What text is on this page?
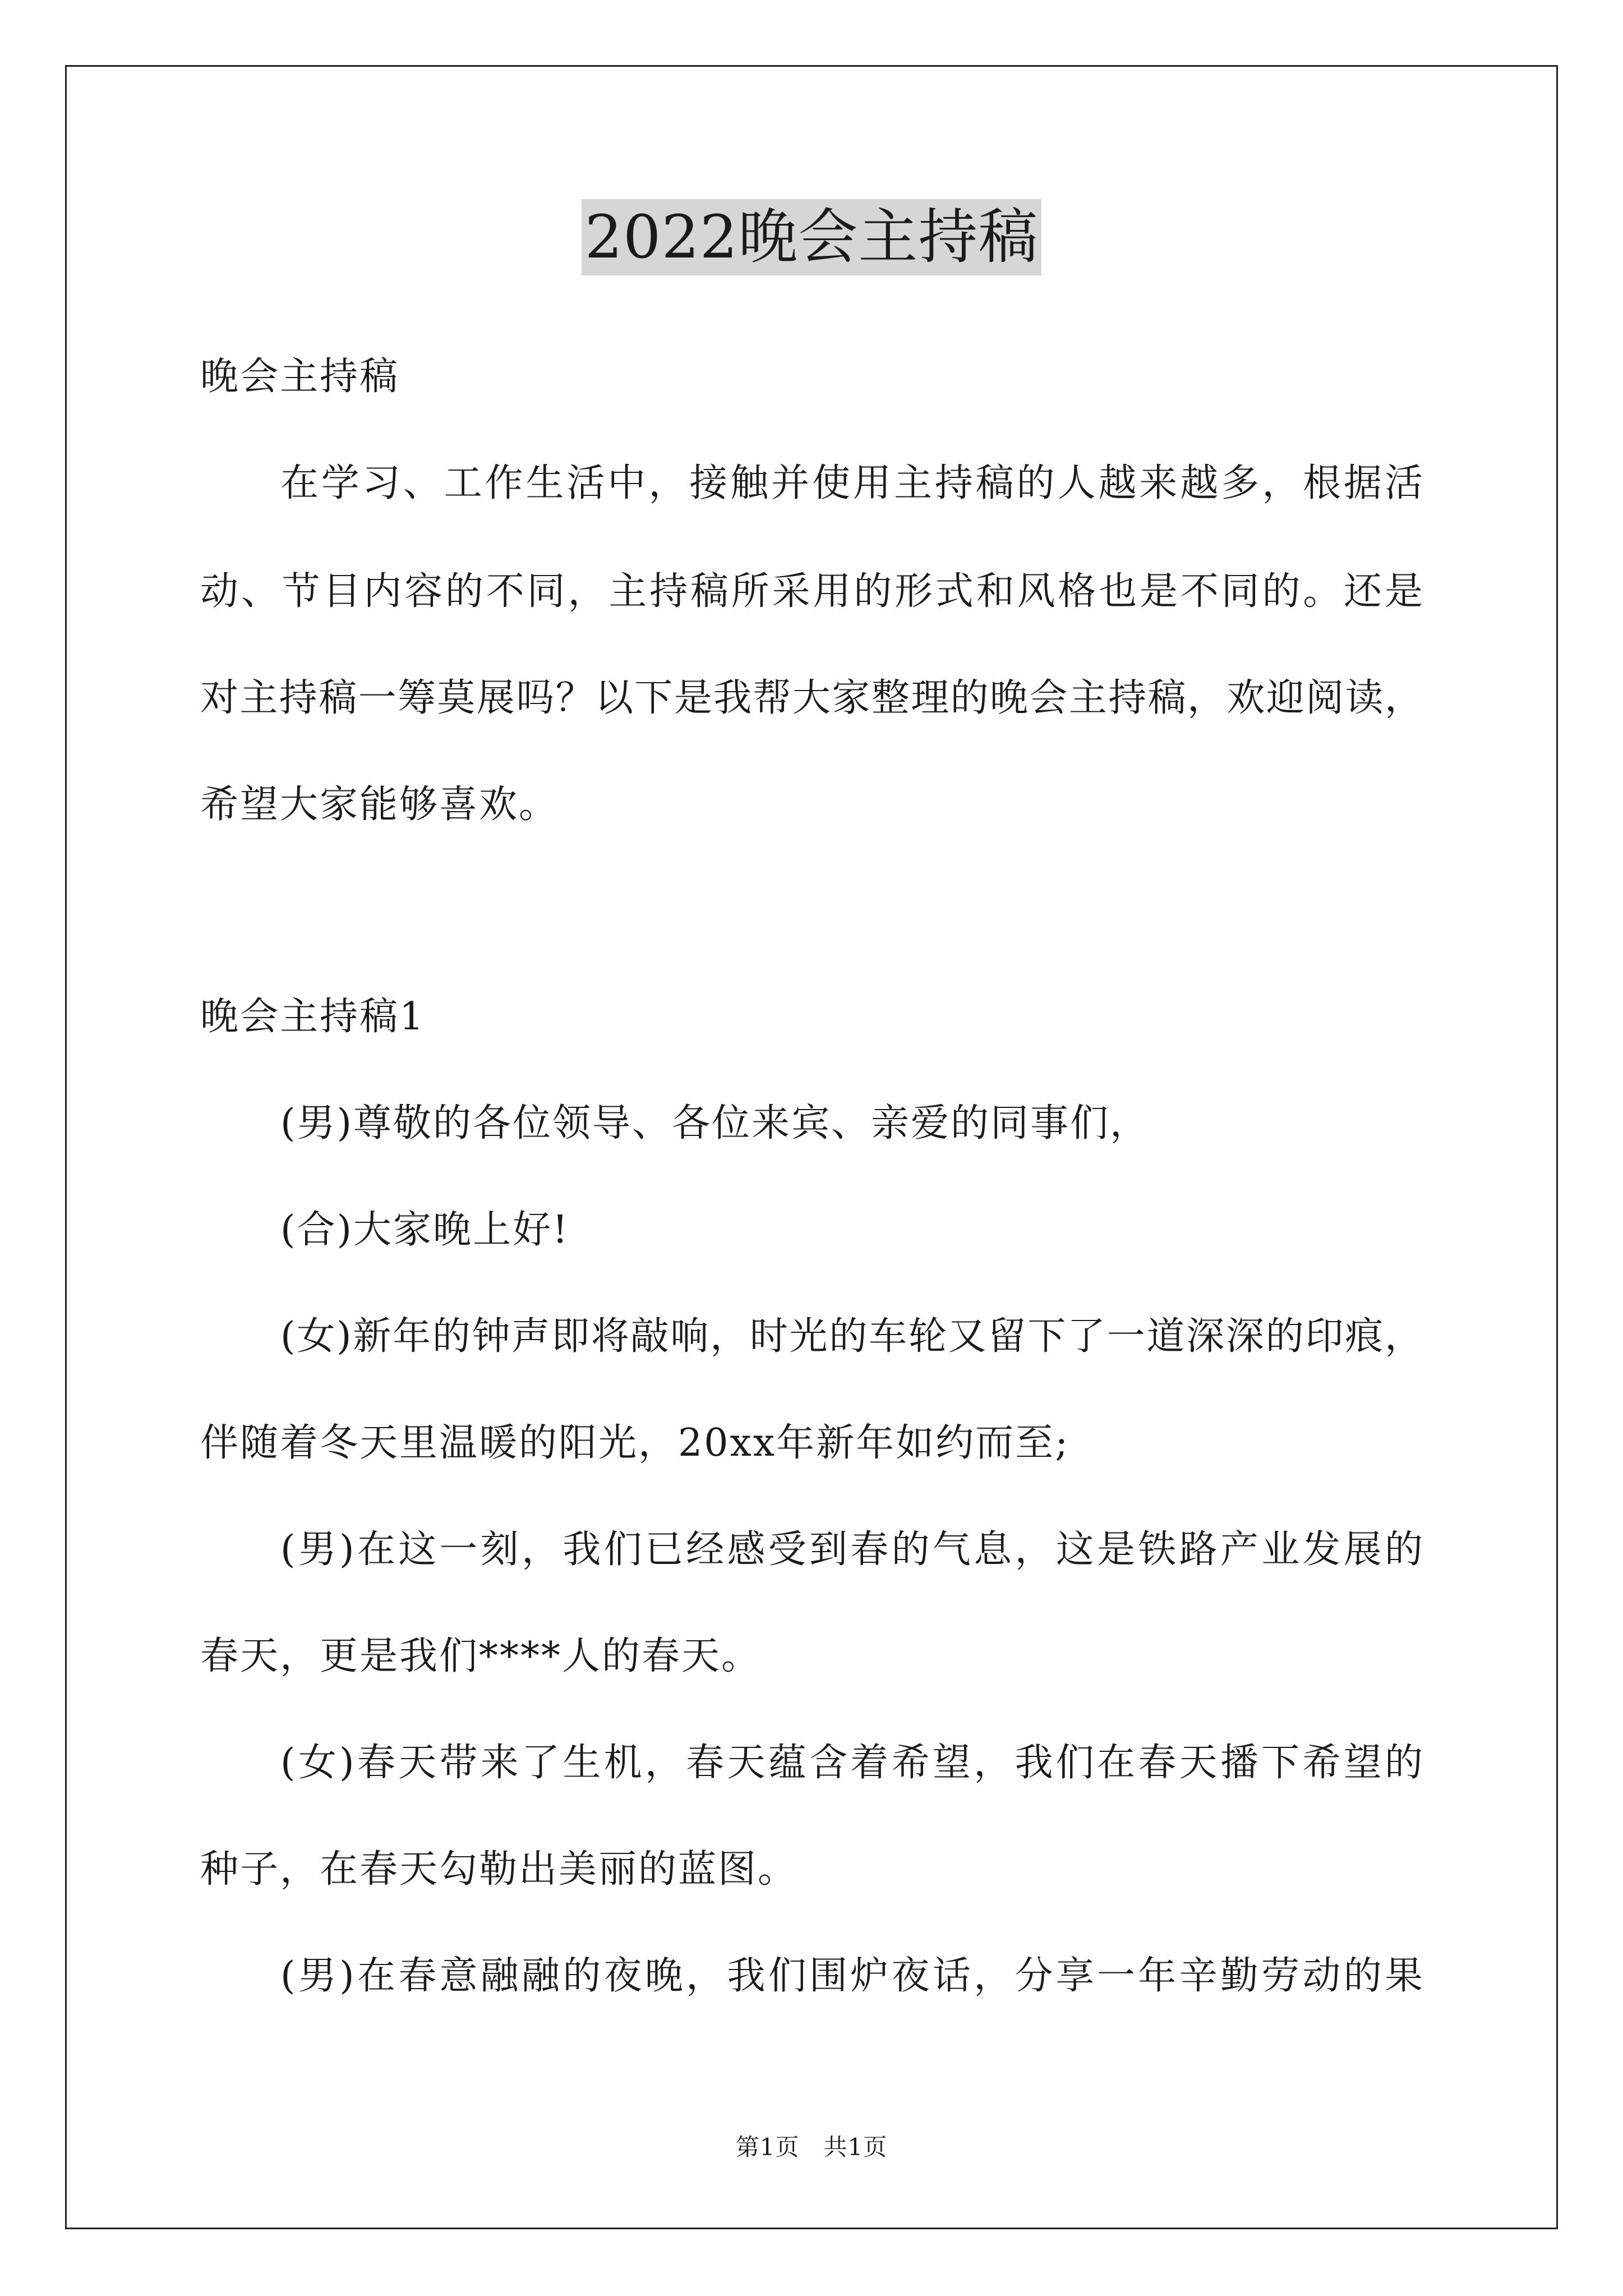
2022晚会主持稿
晚会主持稿
在学习、工作生活中，接触并使用主持稿的人越来越多，根据活
动、节目内容的不同，主持稿所采用的形式和风格也是不同的。还是
对主持稿一筹莫展吗？以下是我帮大家整理的晚会主持稿，欢迎阅读，
希望大家能够喜欢。
晚会主持稿1
(男)尊敬的各位领导、各位来宾、亲爱的同事们，
(合)大家晚上好!
(女)新年的钟声即将敲响，时光的车轮又留下了一道深深的印痕，
伴随着冬天里温暖的阳光，20xx年新年如约而至;
(男)在这一刻，我们已经感受到春的气息，这是铁路产业发展的
春天，更是我们****人的春天。
(女)春天带来了生机，春天蕴含着希望，我们在春天播下希望的
种子，在春天勾勒出美丽的蓝图。
(男)在春意融融的夜晚，我们围炉夜话，分享一年辛勤劳动的果
第1页   共1页
